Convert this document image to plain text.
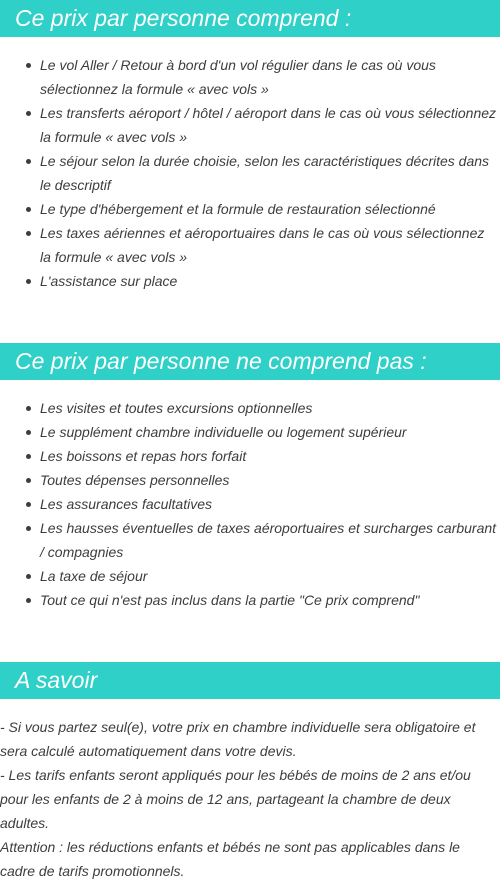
Ce prix par personne comprend :
Le vol Aller / Retour à bord d'un vol régulier dans le cas où vous sélectionnez la formule « avec vols »
Les transferts aéroport / hôtel / aéroport dans le cas où vous sélectionnez la formule « avec vols »
Le séjour selon la durée choisie, selon les caractéristiques décrites dans le descriptif
Le type d'hébergement et la formule de restauration sélectionné
Les taxes aériennes et aéroportuaires dans le cas où vous sélectionnez la formule « avec vols »
L'assistance sur place
Ce prix par personne ne comprend pas :
Les visites et toutes excursions optionnelles
Le supplément chambre individuelle ou logement supérieur
Les boissons et repas hors forfait
Toutes dépenses personnelles
Les assurances facultatives
Les hausses éventuelles de taxes aéroportuaires et surcharges carburant / compagnies
La taxe de séjour
Tout ce qui n'est pas inclus dans la partie "Ce prix comprend"
A savoir

- Si vous partez seul(e), votre prix en chambre individuelle sera obligatoire et sera calculé automatiquement dans votre devis.

- Les tarifs enfants seront appliqués pour les bébés de moins de 2 ans et/ou pour les enfants de 2 à moins de 12 ans, partageant la chambre de deux adultes.

Attention : les réductions enfants et bébés ne sont pas applicables dans le cadre de tarifs promotionnels.
